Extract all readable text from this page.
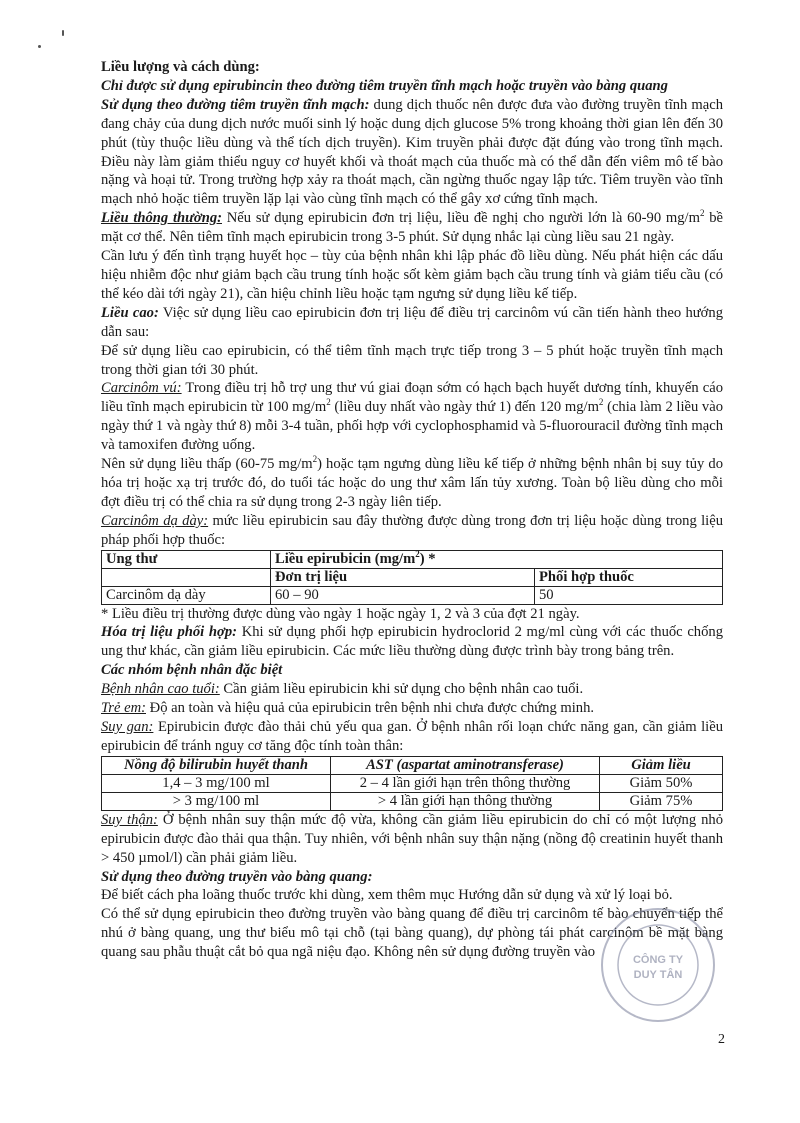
Liều lượng và cách dùng:

Chỉ được sử dụng epirubincin theo đường tiêm truyền tĩnh mạch hoặc truyền vào bàng quang

Sử dụng theo đường tiêm truyền tĩnh mạch: dung dịch thuốc nên được đưa vào đường truyền tĩnh mạch đang chảy của dung dịch nước muối sinh lý hoặc dung dịch glucose 5% trong khoảng thời gian lên đến 30 phút (tùy thuộc liều dùng và thể tích dịch truyền). Kim truyền phải được đặt đúng vào trong tĩnh mạch. Điều này làm giảm thiểu nguy cơ huyết khối và thoát mạch của thuốc mà có thể dẫn đến viêm mô tế bào nặng và hoại tử. Trong trường hợp xảy ra thoát mạch, cần ngừng thuốc ngay lập tức. Tiêm truyền vào tĩnh mạch nhỏ hoặc tiêm truyền lặp lại vào cùng tĩnh mạch có thể gây xơ cứng tĩnh mạch.

Liều thông thường: Nếu sử dụng epirubicin đơn trị liệu, liều đề nghị cho người lớn là 60-90 $mg/m^2$ bề mặt cơ thể. Nên tiêm tĩnh mạch epirubicin trong 3-5 phút. Sử dụng nhắc lại cùng liều sau 21 ngày.

Cần lưu ý đến tình trạng huyết học – tùy của bệnh nhân khi lập phác đồ liều dùng. Nếu phát hiện các dấu hiệu nhiễm độc như giảm bạch cầu trung tính hoặc sốt kèm giảm bạch cầu trung tính và giảm tiểu cầu (có thể kéo dài tới ngày 21), cần hiệu chỉnh liều hoặc tạm ngưng sử dụng liều kế tiếp.

Liều cao: Việc sử dụng liều cao epirubicin đơn trị liệu để điều trị carcinôm vú cần tiến hành theo hướng dẫn sau:

Để sử dụng liều cao epirubicin, có thể tiêm tĩnh mạch trực tiếp trong 3 – 5 phút hoặc truyền tĩnh mạch trong thời gian tới 30 phút.

Carcinôm vú: Trong điều trị hỗ trợ ung thư vú giai đoạn sớm có hạch bạch huyết dương tính, khuyến cáo liều tĩnh mạch epirubicin từ 100 $mg/m^2$ (liều duy nhất vào ngày thứ 1) đến 120 $mg/m^2$ (chia làm 2 liều vào ngày thứ 1 và ngày thứ 8) mỗi 3-4 tuần, phối hợp với cyclophosphamid và 5-fluorouracil đường tĩnh mạch và tamoxifen đường uống.

Nên sử dụng liều thấp (60-75 $mg/m^2$) hoặc tạm ngưng dùng liều kế tiếp ở những bệnh nhân bị suy tủy do hóa trị hoặc xạ trị trước đó, do tuổi tác hoặc do ung thư xâm lấn tủy xương. Toàn bộ liều dùng cho mỗi đợt điều trị có thể chia ra sử dụng trong 2-3 ngày liên tiếp.

Carcinôm dạ dày: mức liều epirubicin sau đây thường được dùng trong đơn trị liệu hoặc dùng trong liệu pháp phối hợp thuốc:

Ung thư	Liều epirubicin $(mg/m^2)$ *	
	Đơn trị liệu	Phối hợp thuốc
Carcinôm dạ dày	60 – 90	50

* Liều điều trị thường được dùng vào ngày 1 hoặc ngày 1, 2 và 3 của đợt 21 ngày.

Hóa trị liệu phối hợp: Khi sử dụng phối hợp epirubicin hydroclorid 2 mg/ml cùng với các thuốc chống ung thư khác, cần giảm liều epirubicin. Các mức liều thường dùng được trình bày trong bảng trên.

Các nhóm bệnh nhân đặc biệt

Bệnh nhân cao tuổi: Cần giảm liều epirubicin khi sử dụng cho bệnh nhân cao tuổi.

Trẻ em: Độ an toàn và hiệu quả của epirubicin trên bệnh nhi chưa được chứng minh.

Suy gan: Epirubicin được đào thải chủ yếu qua gan. Ở bệnh nhân rối loạn chức năng gan, cần giảm liều epirubicin để tránh nguy cơ tăng độc tính toàn thân:

Nồng độ bilirubin huyết thanh	AST (aspartat aminotransferase)	Giảm liều
1,4 – 3 mg/100 ml	2 – 4 lần giới hạn trên thông thường	Giảm 50%
> 3 mg/100 ml	> 4 lần giới hạn thông thường	Giảm 75%

Suy thận: Ở bệnh nhân suy thận mức độ vừa, không cần giảm liều epirubicin do chỉ có một lượng nhỏ epirubicin được đào thải qua thận. Tuy nhiên, với bệnh nhân suy thận nặng (nồng độ creatinin huyết thanh > 450 µmol/l) cần phải giảm liều.

Sử dụng theo đường truyền vào bàng quang:

Để biết cách pha loãng thuốc trước khi dùng, xem thêm mục Hướng dẫn sử dụng và xử lý loại bỏ.

Có thể sử dụng epirubicin theo đường truyền vào bàng quang để điều trị carcinôm tế bào chuyển tiếp thể nhú ở bàng quang, ung thư biểu mô tại chỗ (tại bàng quang), dự phòng tái phát carcinôm bề mặt bàng quang sau phẫu thuật cắt bỏ qua ngã niệu đạo. Không nên sử dụng đường truyền vào	CÔNG TY
DUY TÂN
2
